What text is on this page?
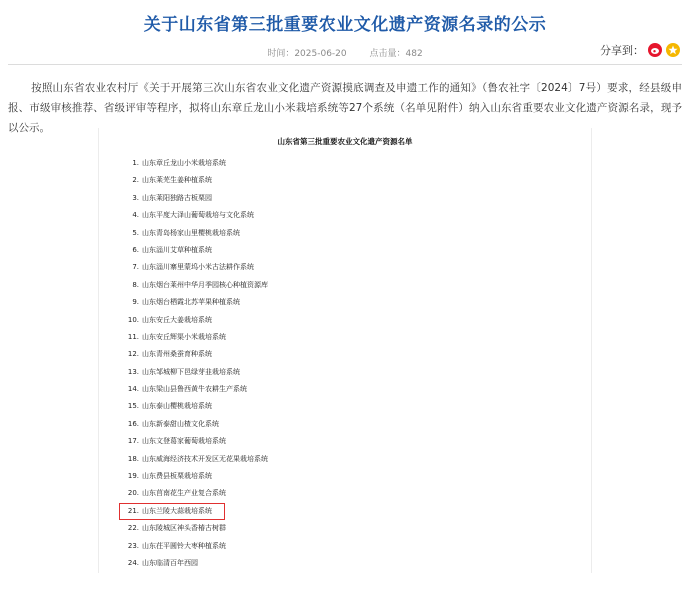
关于山东省第三批重要农业文化遗产资源名录的公示
时间：2025-06-20	点击量：482	分享到：
按照山东省农业农村厅《关于开展第三次山东省农业文化遗产资源摸底调查及申遗工作的通知》（鲁农社字〔2024〕7号）要求，经县级申报、市级审核推荐、省级评审等程序，拟将山东章丘龙山小米栽培系统等27个系统（名单见附件）纳入山东省重要农业文化遗产资源名录，现予以公示。
山东省第三批重要农业文化遗产资源名单
1. 山东章丘龙山小米栽培系统
2. 山东莱芜生姜种植系统
3. 山东莱阳独路古板栗园
4. 山东平度大泽山葡萄栽培与文化系统
5. 山东青岛杨家山里樱桃栽培系统
6. 山东淄川艾草种植系统
7. 山东淄川寨里蒙坞小米古法耕作系统
8. 山东烟台莱州中华月季园核心种植资源库
9. 山东烟台栖霞北苏苹果种植系统
10. 山东安丘大姜栽培系统
11. 山东安丘辉渠小米栽培系统
12. 山东青州桑蚕育种系统
13. 山东邹城柳下邑绿芽韭栽培系统
14. 山东梁山县鲁西黄牛农耕生产系统
15. 山东泰山樱桃栽培系统
16. 山东新泰甜山楂文化系统
17. 山东文登葛家葡萄栽培系统
18. 山东威海经济技术开发区无花果栽培系统
19. 山东费县板栗栽培系统
20. 山东莒南花生产业复合系统
21. 山东兰陵大蒜栽培系统
22. 山东陵城区神头香椿古树群
23. 山东茌平圆铃大枣种植系统
24. 山东临清百年西园
